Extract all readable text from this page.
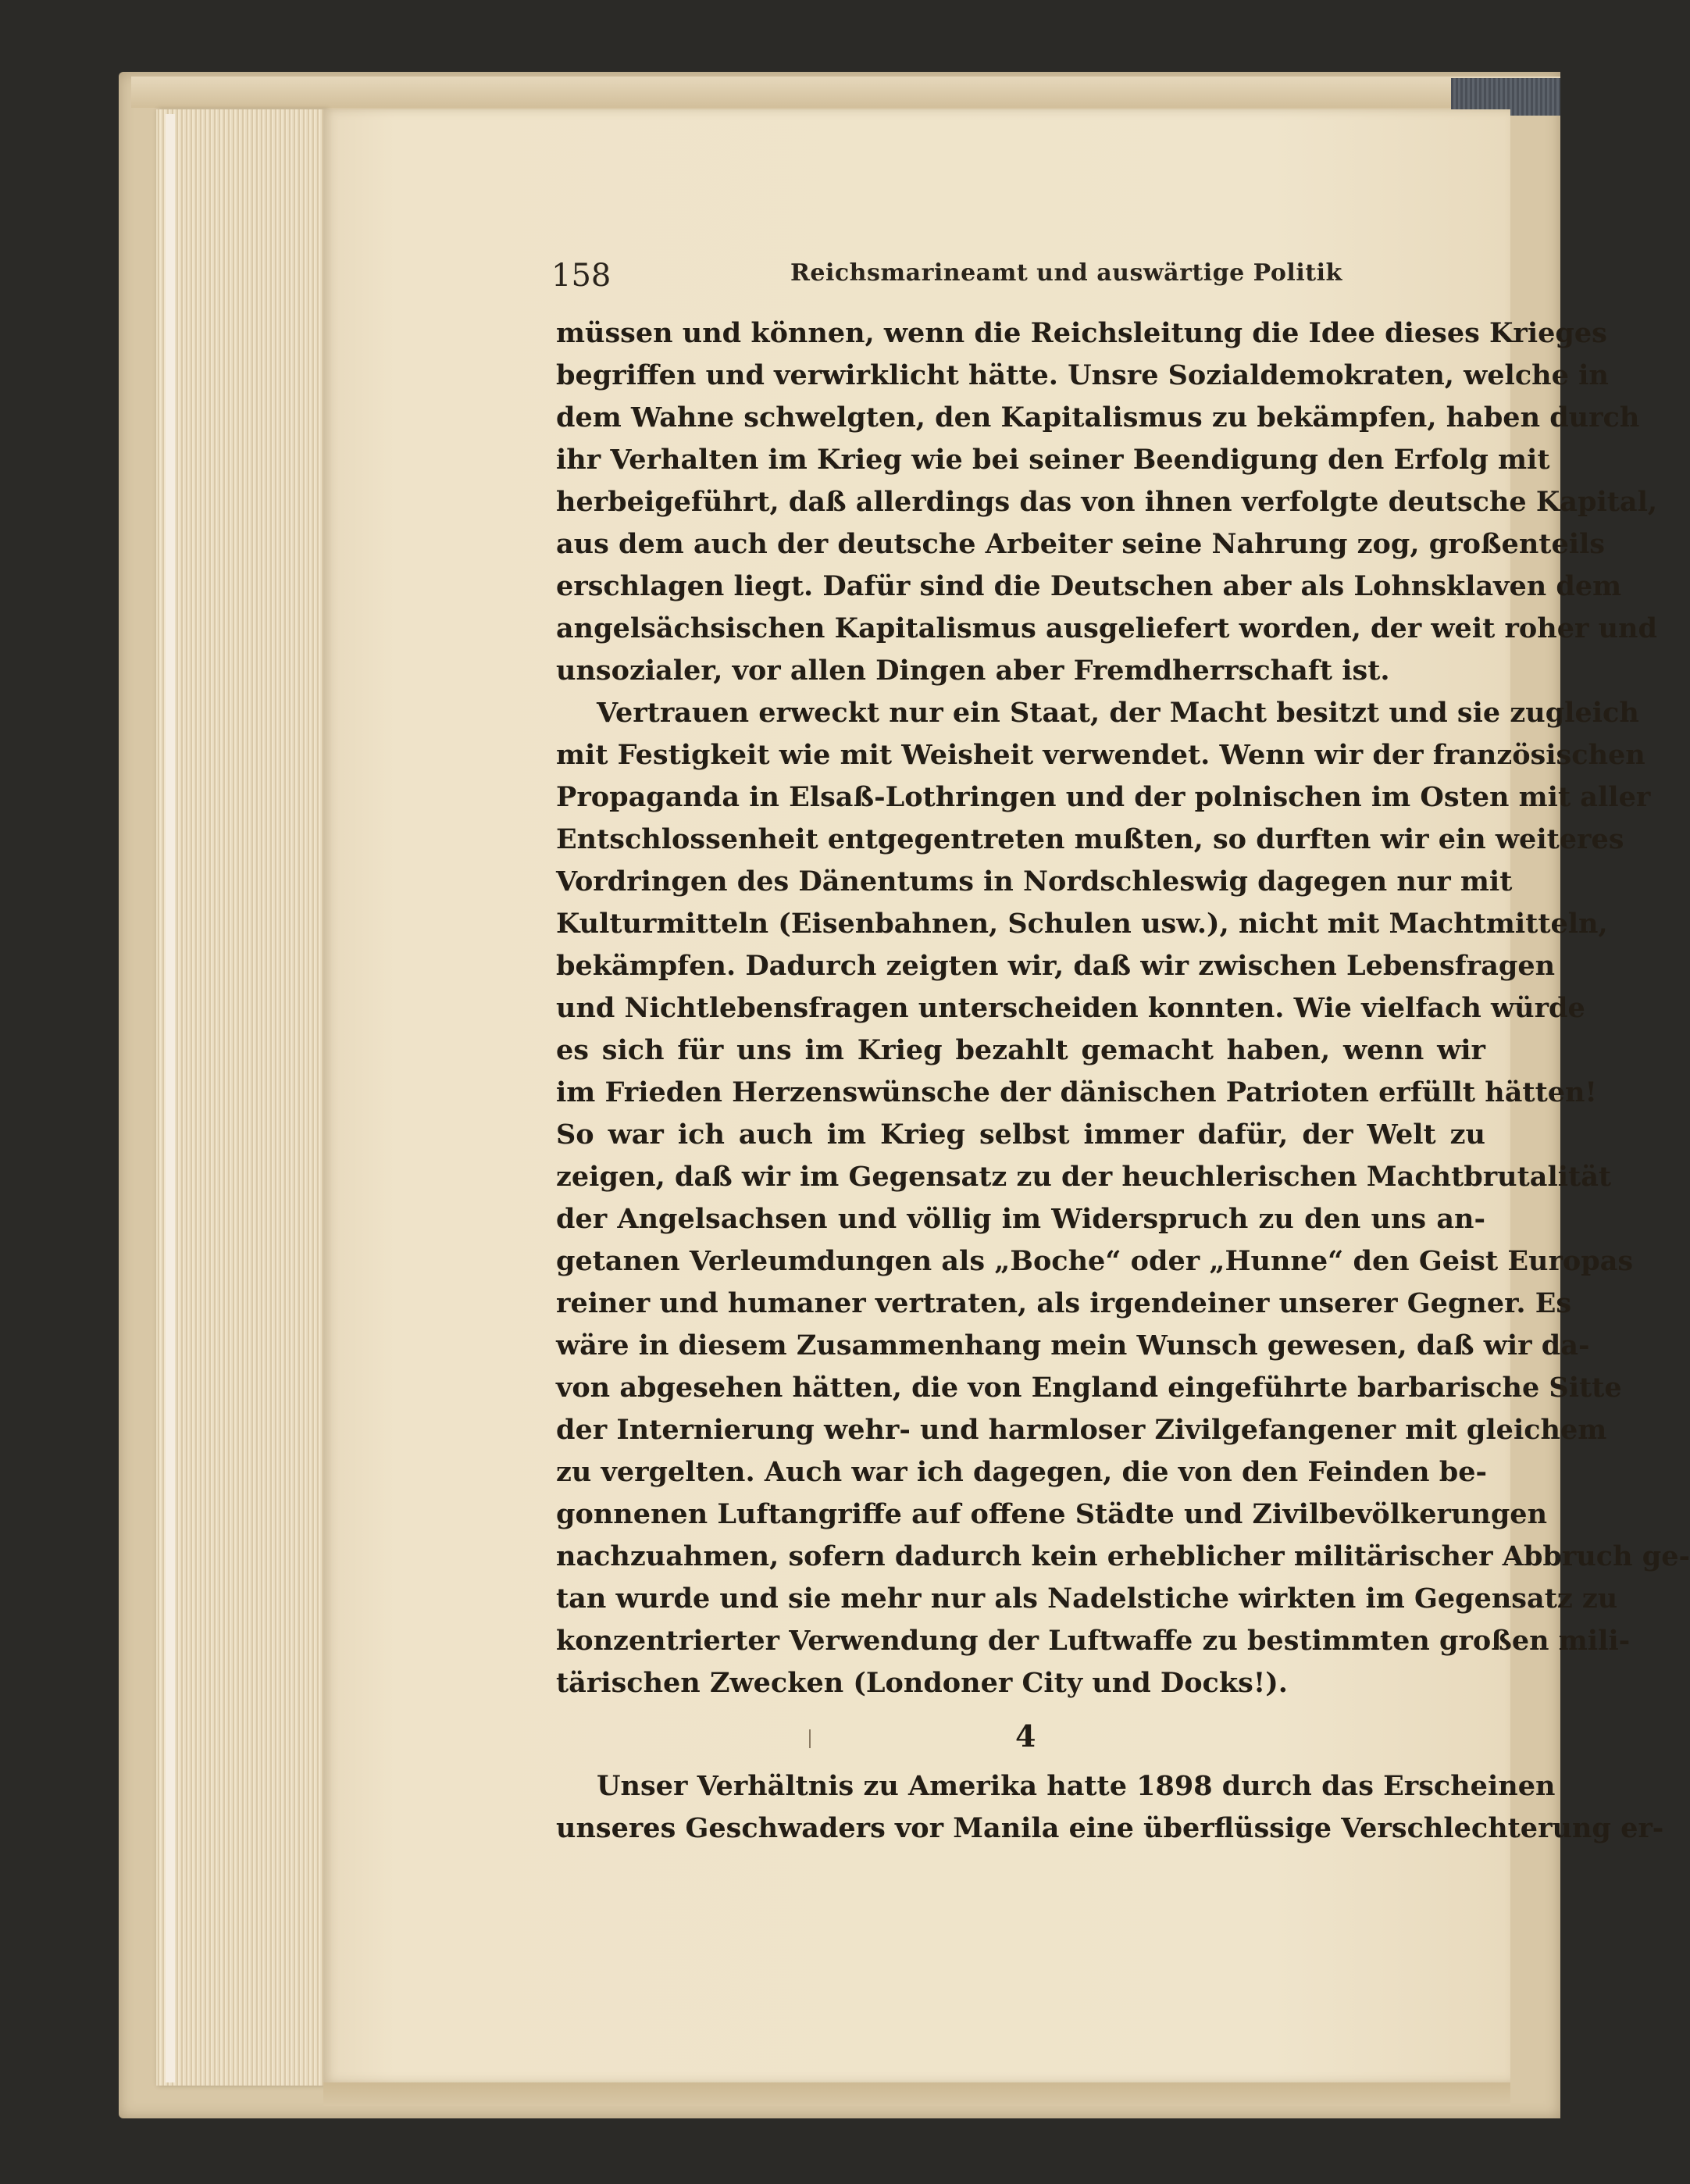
158	Reichsmarineamt und auswärtige Politik
müssen und können, wenn die Reichsleitung die Idee dieses Krieges
begriffen und verwirklicht hätte. Unsre Sozialdemokraten, welche in
dem Wahne schwelgten, den Kapitalismus zu bekämpfen, haben durch
ihr Verhalten im Krieg wie bei seiner Beendigung den Erfolg mit
herbeigeführt, daß allerdings das von ihnen verfolgte deutsche Kapital,
aus dem auch der deutsche Arbeiter seine Nahrung zog, großenteils
erschlagen liegt. Dafür sind die Deutschen aber als Lohnsklaven dem
angelsächsischen Kapitalismus ausgeliefert worden, der weit roher und
unsozialer, vor allen Dingen aber Fremdherrschaft ist.
Vertrauen erweckt nur ein Staat, der Macht besitzt und sie zugleich
mit Festigkeit wie mit Weisheit verwendet. Wenn wir der französischen
Propaganda in Elsaß-Lothringen und der polnischen im Osten mit aller
Entschlossenheit entgegentreten mußten, so durften wir ein weiteres
Vordringen des Dänentums in Nordschleswig dagegen nur mit
Kulturmitteln (Eisenbahnen, Schulen usw.), nicht mit Machtmitteln,
bekämpfen. Dadurch zeigten wir, daß wir zwischen Lebensfragen
und Nichtlebensfragen unterscheiden konnten. Wie vielfach würde
es sich für uns im Krieg bezahlt gemacht haben, wenn wir
im Frieden Herzenswünsche der dänischen Patrioten erfüllt hätten!
So war ich auch im Krieg selbst immer dafür, der Welt zu
zeigen, daß wir im Gegensatz zu der heuchlerischen Machtbrutalität
der Angelsachsen und völlig im Widerspruch zu den uns an-
getanen Verleumdungen als „Boche“ oder „Hunne“ den Geist Europas
reiner und humaner vertraten, als irgendeiner unserer Gegner. Es
wäre in diesem Zusammenhang mein Wunsch gewesen, daß wir da-
von abgesehen hätten, die von England eingeführte barbarische Sitte
der Internierung wehr- und harmloser Zivilgefangener mit gleichem
zu vergelten. Auch war ich dagegen, die von den Feinden be-
gonnenen Luftangriffe auf offene Städte und Zivilbevölkerungen
nachzuahmen, sofern dadurch kein erheblicher militärischer Abbruch ge-
tan wurde und sie mehr nur als Nadelstiche wirkten im Gegensatz zu
konzentrierter Verwendung der Luftwaffe zu bestimmten großen mili-
tärischen Zwecken (Londoner City und Docks!).
4
Unser Verhältnis zu Amerika hatte 1898 durch das Erscheinen
unseres Geschwaders vor Manila eine überflüssige Verschlechterung er-
